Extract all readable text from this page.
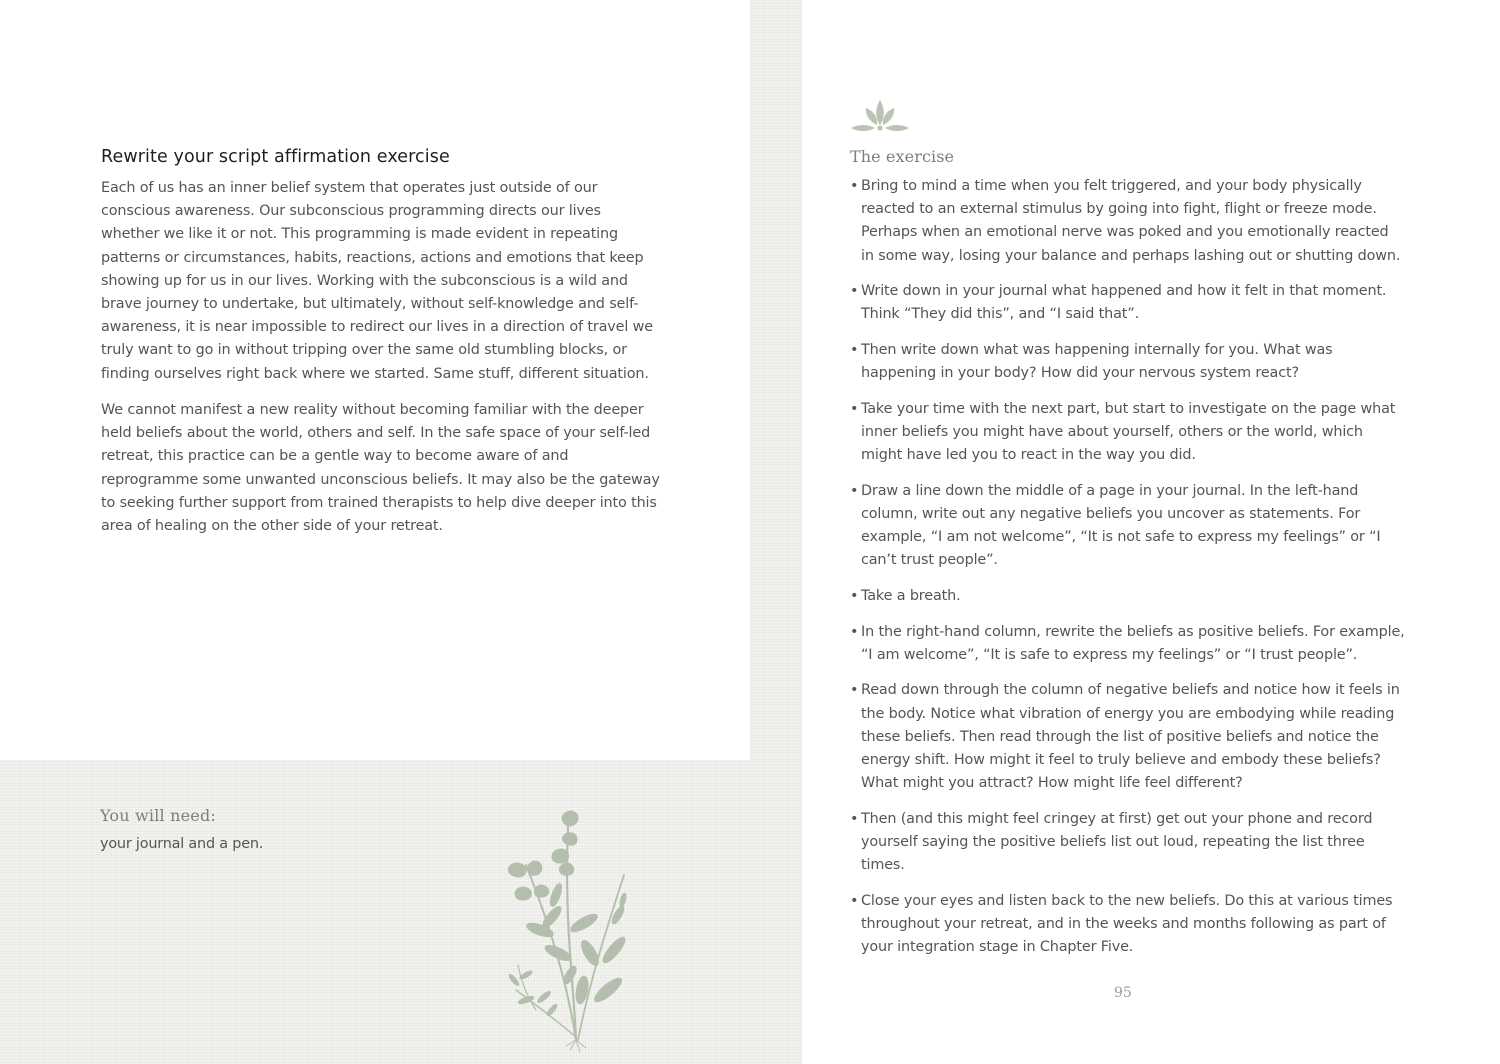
Rewrite your script affirmation exercise

Each of us has an inner belief system that operates just outside of our conscious awareness. Our subconscious programming directs our lives whether we like it or not. This programming is made evident in repeating patterns or circumstances, habits, reactions, actions and emotions that keep showing up for us in our lives. Working with the subconscious is a wild and brave journey to undertake, but ultimately, without self-knowledge and self-awareness, it is near impossible to redirect our lives in a direction of travel we truly want to go in without tripping over the same old stumbling blocks, or finding ourselves right back where we started. Same stuff, different situation.

We cannot manifest a new reality without becoming familiar with the deeper held beliefs about the world, others and self. In the safe space of your self-led retreat, this practice can be a gentle way to become aware of and reprogramme some unwanted unconscious beliefs. It may also be the gateway to seeking further support from trained therapists to help dive deeper into this area of healing on the other side of your retreat.

You will need:
your journal and a pen.
The exercise
• Bring to mind a time when you felt triggered, and your body physically reacted to an external stimulus by going into fight, flight or freeze mode. Perhaps when an emotional nerve was poked and you emotionally reacted in some way, losing your balance and perhaps lashing out or shutting down.
• Write down in your journal what happened and how it felt in that moment. Think “They did this”, and “I said that”.
• Then write down what was happening internally for you. What was happening in your body? How did your nervous system react?
• Take your time with the next part, but start to investigate on the page what inner beliefs you might have about yourself, others or the world, which might have led you to react in the way you did.
• Draw a line down the middle of a page in your journal. In the left-hand column, write out any negative beliefs you uncover as statements. For example, “I am not welcome”, “It is not safe to express my feelings” or “I can’t trust people”.
• Take a breath.
• In the right-hand column, rewrite the beliefs as positive beliefs. For example, “I am welcome”, “It is safe to express my feelings” or “I trust people”.
• Read down through the column of negative beliefs and notice how it feels in the body. Notice what vibration of energy you are embodying while reading these beliefs. Then read through the list of positive beliefs and notice the energy shift. How might it feel to truly believe and embody these beliefs? What might you attract? How might life feel different?
• Then (and this might feel cringey at first) get out your phone and record yourself saying the positive beliefs list out loud, repeating the list three times.
• Close your eyes and listen back to the new beliefs. Do this at various times throughout your retreat, and in the weeks and months following as part of your integration stage in Chapter Five.
95
